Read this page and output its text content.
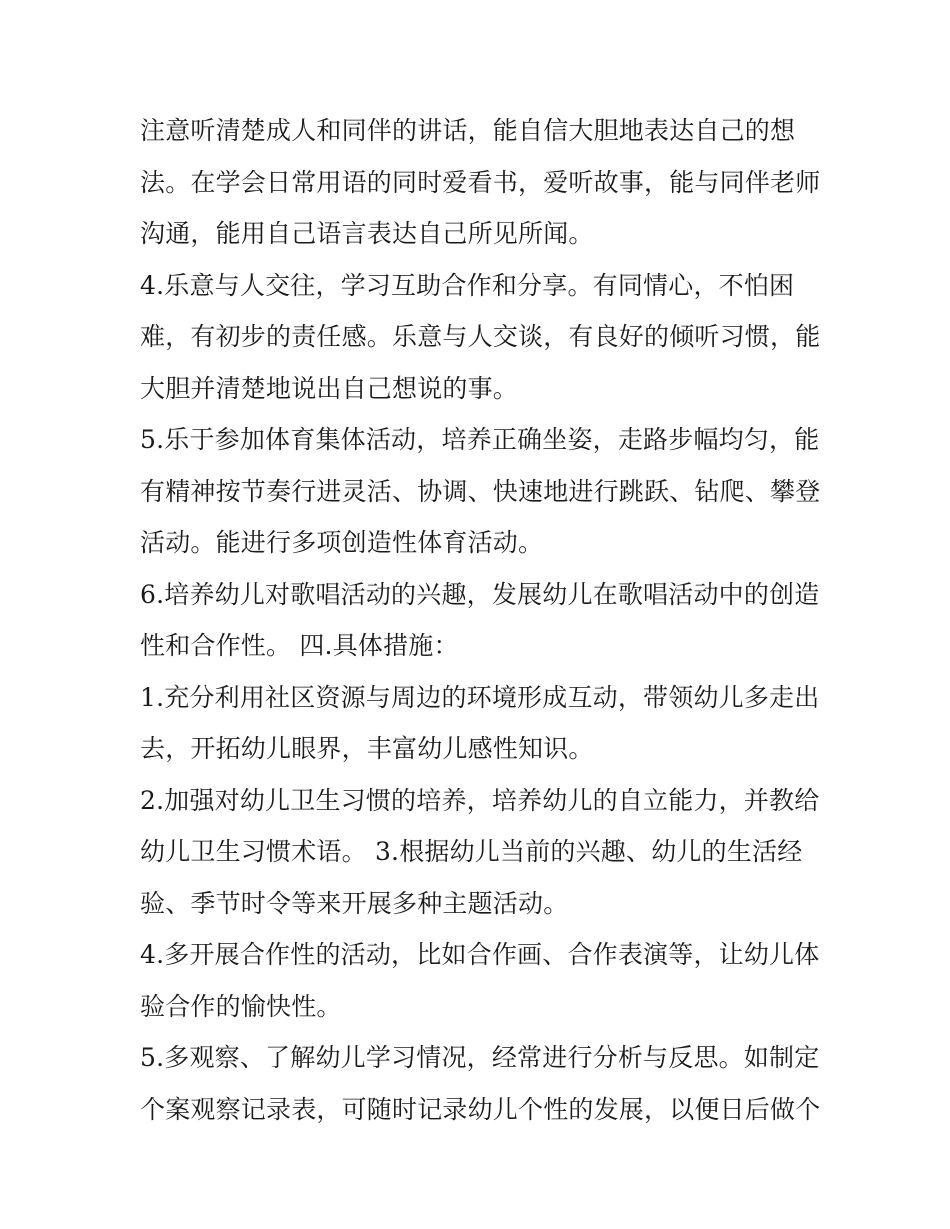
注意听清楚成人和同伴的讲话，能自信大胆地表达自己的想
法。在学会日常用语的同时爱看书，爱听故事，能与同伴老师
沟通，能用自己语言表达自己所见所闻。
4.乐意与人交往，学习互助合作和分享。有同情心，不怕困
难，有初步的责任感。乐意与人交谈，有良好的倾听习惯，能
大胆并清楚地说出自己想说的事。
5.乐于参加体育集体活动，培养正确坐姿，走路步幅均匀，能
有精神按节奏行进灵活、协调、快速地进行跳跃、钻爬、攀登
活动。能进行多项创造性体育活动。
6.培养幼儿对歌唱活动的兴趣，发展幼儿在歌唱活动中的创造
性和合作性。 四.具体措施：
1.充分利用社区资源与周边的环境形成互动，带领幼儿多走出
去，开拓幼儿眼界，丰富幼儿感性知识。
2.加强对幼儿卫生习惯的培养，培养幼儿的自立能力，并教给
幼儿卫生习惯术语。 3.根据幼儿当前的兴趣、幼儿的生活经
验、季节时令等来开展多种主题活动。
4.多开展合作性的活动，比如合作画、合作表演等，让幼儿体
验合作的愉快性。
5.多观察、了解幼儿学习情况，经常进行分析与反思。如制定
个案观察记录表，可随时记录幼儿个性的发展，以便日后做个
